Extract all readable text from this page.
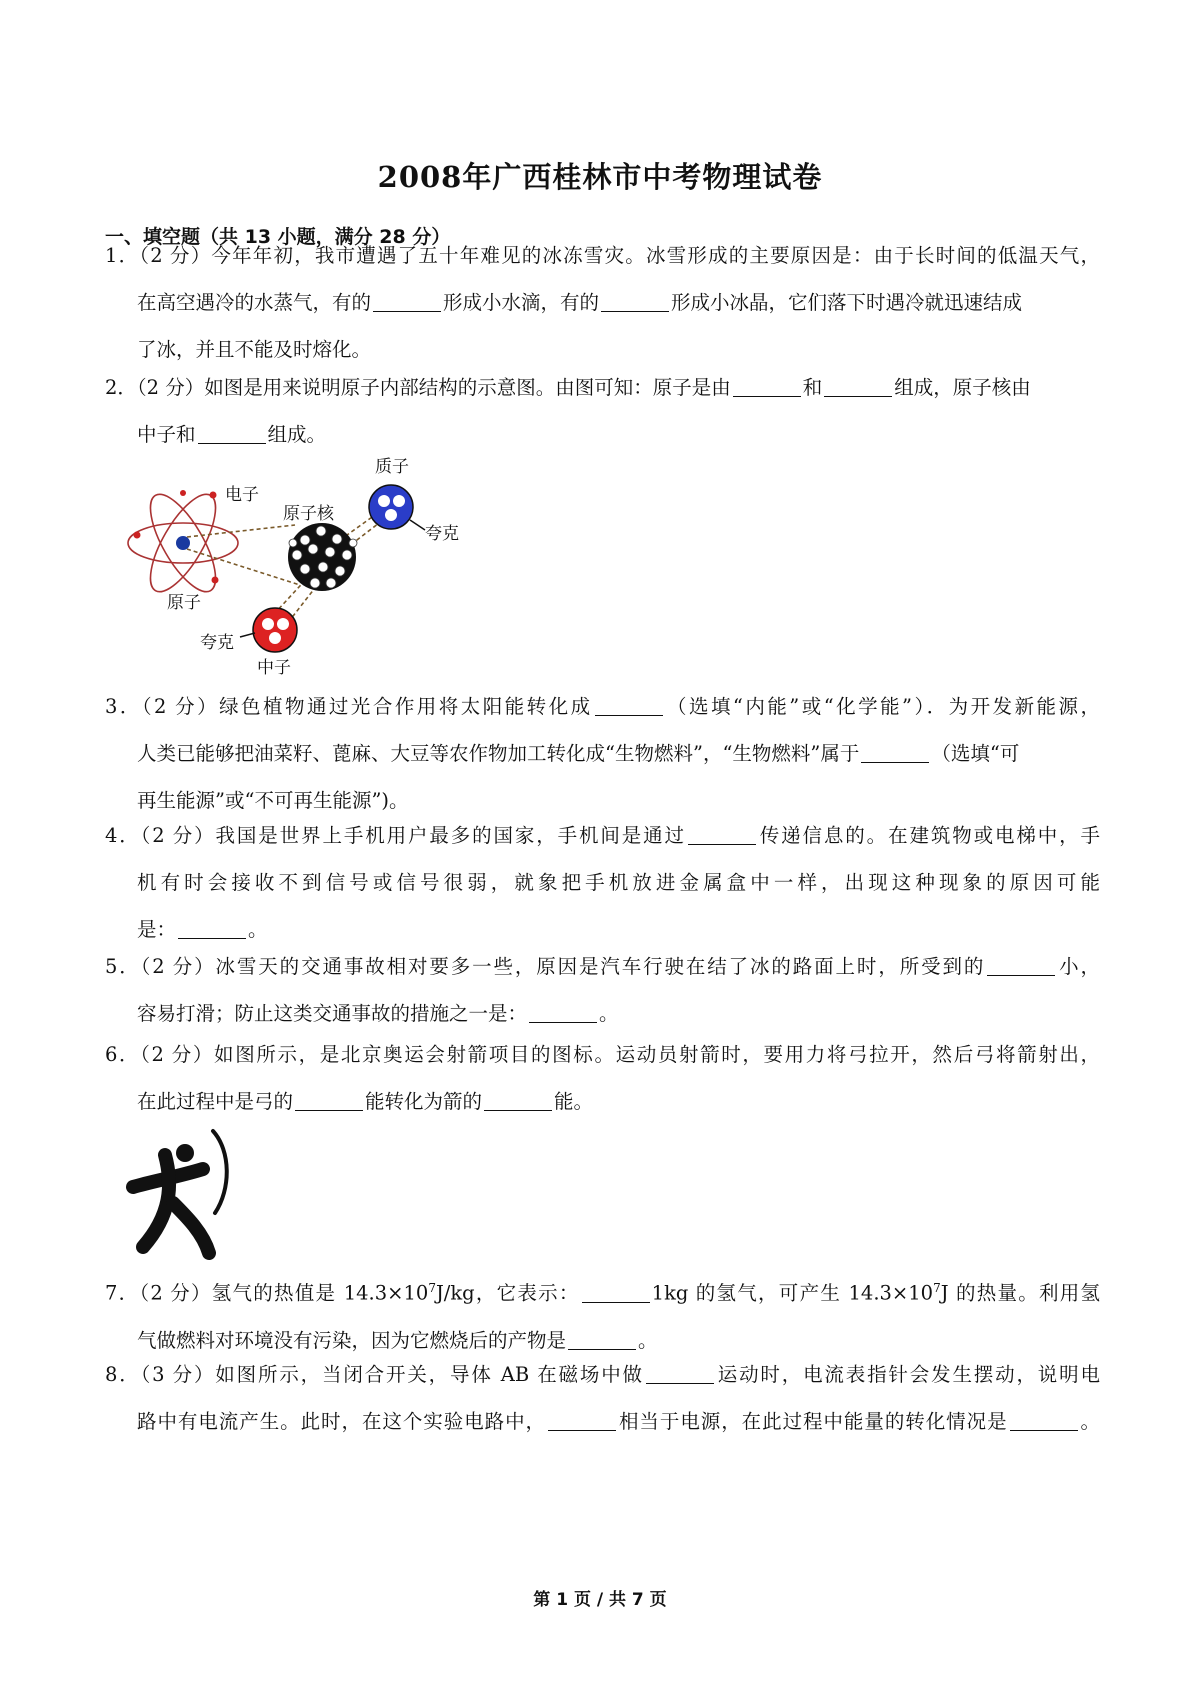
2008年广西桂林市中考物理试卷
一、填空题（共 13 小题，满分 28 分）
1．（2 分）今年年初，我市遭遇了五十年难见的冰冻雪灾。冰雪形成的主要原因是：由于长时间的低温天气，
在高空遇冷的水蒸气，有的	形成小水滴，有的	形成小冰晶，它们落下时遇冷就迅速结成
了冰，并且不能及时熔化。
2．（2 分）如图是用来说明原子内部结构的示意图。由图可知：原子是由	和	组成，原子核由
中子和	组成。
电子
原子核
原子
质子
夸克
夸克
中子
3．（2 分）绿色植物通过光合作用将太阳能转化成	（选填“内能”或“化学能”）．为开发新能源，
人类已能够把油菜籽、蓖麻、大豆等农作物加工转化成“生物燃料”，“生物燃料”属于	（选填“可
再生能源”或“不可再生能源”)。
4．（2 分）我国是世界上手机用户最多的国家，手机间是通过	传递信息的。在建筑物或电梯中，手
机有时会接收不到信号或信号很弱，就象把手机放进金属盒中一样，出现这种现象的原因可能
是：	。
5．（2 分）冰雪天的交通事故相对要多一些，原因是汽车行驶在结了冰的路面上时，所受到的	小，
容易打滑；防止这类交通事故的措施之一是：	。
6．（2 分）如图所示，是北京奥运会射箭项目的图标。运动员射箭时，要用力将弓拉开，然后弓将箭射出，
在此过程中是弓的	能转化为箭的	能。
7．（2 分）氢气的热值是 $14.3\times 10^7J/kg$，它表示：	1kg 的氢气，可产生 $14.3\times 10^7J$ 的热量。利用氢
气做燃料对环境没有污染，因为它燃烧后的产物是	。
8．（3 分）如图所示，当闭合开关，导体 AB 在磁场中做	运动时，电流表指针会发生摆动，说明电
路中有电流产生。此时，在这个实验电路中，	相当于电源，在此过程中能量的转化情况是	。
第 1 页 / 共 7 页
